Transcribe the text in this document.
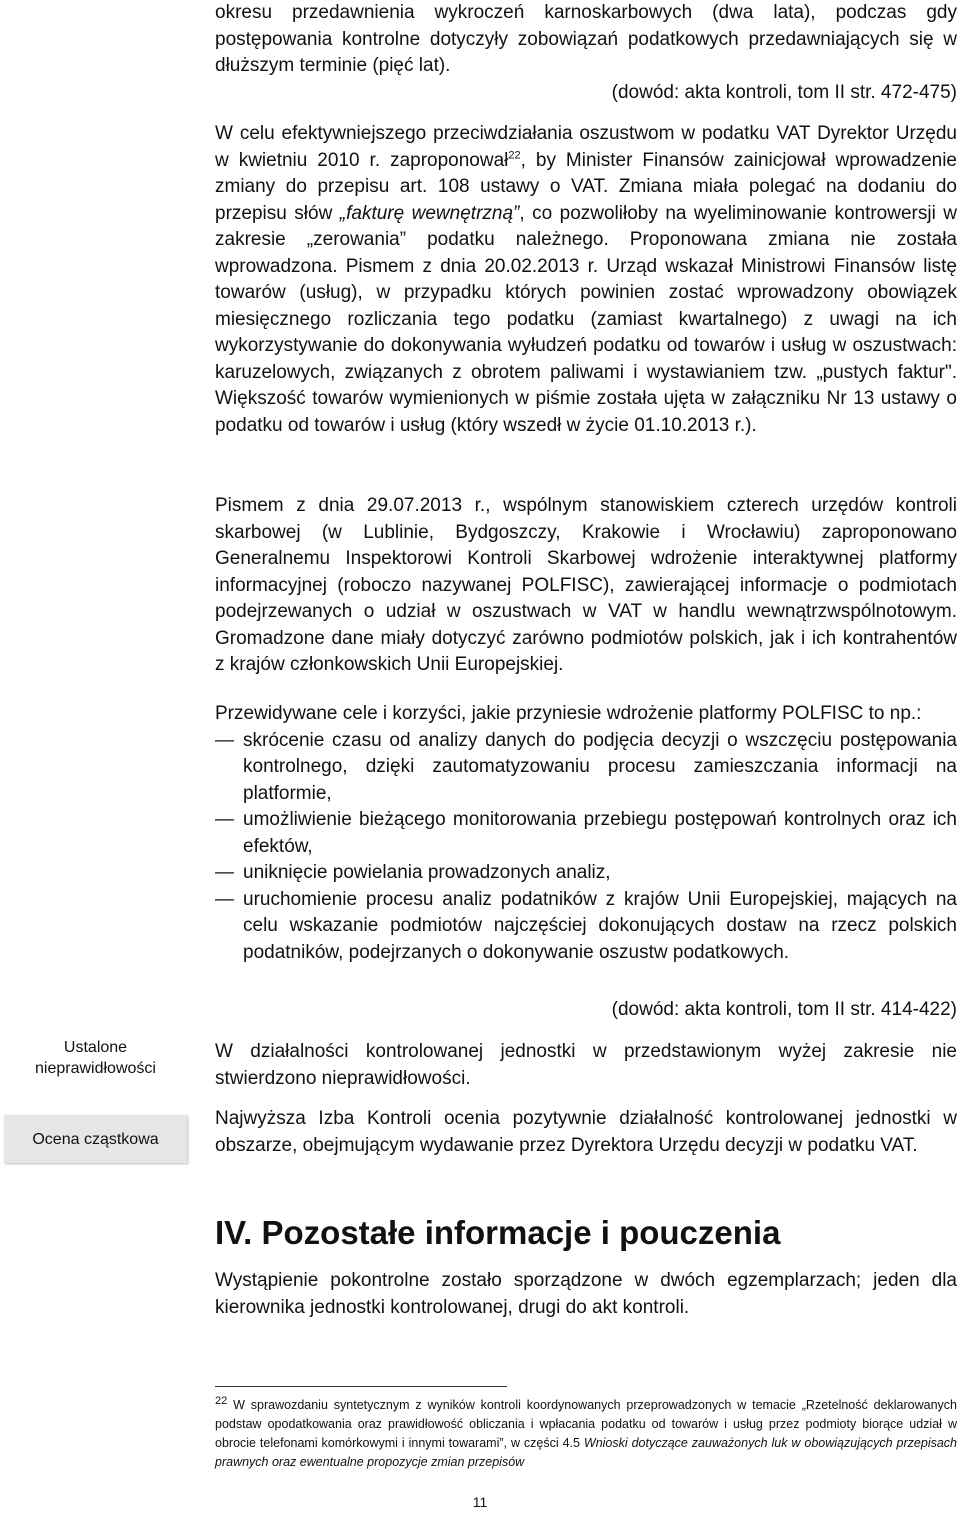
Ustalone nieprawidłowości
Ocena cząstkowa

okresu przedawnienia wykroczeń karnoskarbowych (dwa lata), podczas gdy postępowania kontrolne dotyczyły zobowiązań podatkowych przedawniających się w dłuższym terminie (pięć lat).

(dowód: akta kontroli, tom II str. 472-475)

W celu efektywniejszego przeciwdziałania oszustwom w podatku VAT Dyrektor Urzędu w kwietniu 2010 r. zaproponował$^{22}$, by Minister Finansów zainicjował wprowadzenie zmiany do przepisu art. 108 ustawy o VAT. Zmiana miała polegać na dodaniu do przepisu słów „fakturę wewnętrzną”, co pozwoliłoby na wyeliminowanie kontrowersji w zakresie „zerowania” podatku należnego. Proponowana zmiana nie została wprowadzona. Pismem z dnia 20.02.2013 r. Urząd wskazał Ministrowi Finansów listę towarów (usług), w przypadku których powinien zostać wprowadzony obowiązek miesięcznego rozliczania tego podatku (zamiast kwartalnego) z uwagi na ich wykorzystywanie do dokonywania wyłudzeń podatku od towarów i usług w oszustwach: karuzelowych, związanych z obrotem paliwami i wystawianiem tzw. „pustych faktur". Większość towarów wymienionych w piśmie została ujęta w załączniku Nr 13 ustawy o podatku od towarów i usług (który wszedł w życie 01.10.2013 r.).

Pismem z dnia 29.07.2013 r., wspólnym stanowiskiem czterech urzędów kontroli skarbowej (w Lublinie, Bydgoszczy, Krakowie i Wrocławiu) zaproponowano Generalnemu Inspektorowi Kontroli Skarbowej wdrożenie interaktywnej platformy informacyjnej (roboczo nazywanej POLFISC), zawierającej informacje o podmiotach podejrzewanych o udział w oszustwach w VAT w handlu wewnątrzwspólnotowym. Gromadzone dane miały dotyczyć zarówno podmiotów polskich, jak i ich kontrahentów z krajów członkowskich Unii Europejskiej.

Przewidywane cele i korzyści, jakie przyniesie wdrożenie platformy POLFISC to np.:

— skrócenie czasu od analizy danych do podjęcia decyzji o wszczęciu postępowania kontrolnego, dzięki zautomatyzowaniu procesu zamieszczania informacji na platformie,
— umożliwienie bieżącego monitorowania przebiegu postępowań kontrolnych oraz ich efektów,
— uniknięcie powielania prowadzonych analiz,
— uruchomienie procesu analiz podatników z krajów Unii Europejskiej, mających na celu wskazanie podmiotów najczęściej dokonujących dostaw na rzecz polskich podatników, podejrzanych o dokonywanie oszustw podatkowych.

(dowód: akta kontroli, tom II str. 414-422)

W działalności kontrolowanej jednostki w przedstawionym wyżej zakresie nie stwierdzono nieprawidłowości.

Najwyższa Izba Kontroli ocenia pozytywnie działalność kontrolowanej jednostki w obszarze, obejmującym wydawanie przez Dyrektora Urzędu decyzji w podatku VAT.

IV. Pozostałe informacje i pouczenia

Wystąpienie pokontrolne zostało sporządzone w dwóch egzemplarzach; jeden dla kierownika jednostki kontrolowanej, drugi do akt kontroli.

$^{22}$ W sprawozdaniu syntetycznym z wyników kontroli koordynowanych przeprowadzonych w temacie „Rzetelność deklarowanych podstaw opodatkowania oraz prawidłowość obliczania i wpłacania podatku od towarów i usług przez podmioty biorące udział w obrocie telefonami komórkowymi i innymi towarami”, w części 4.5 Wnioski dotyczące zauważonych luk w obowiązujących przepisach prawnych oraz ewentualne propozycje zmian przepisów
11
